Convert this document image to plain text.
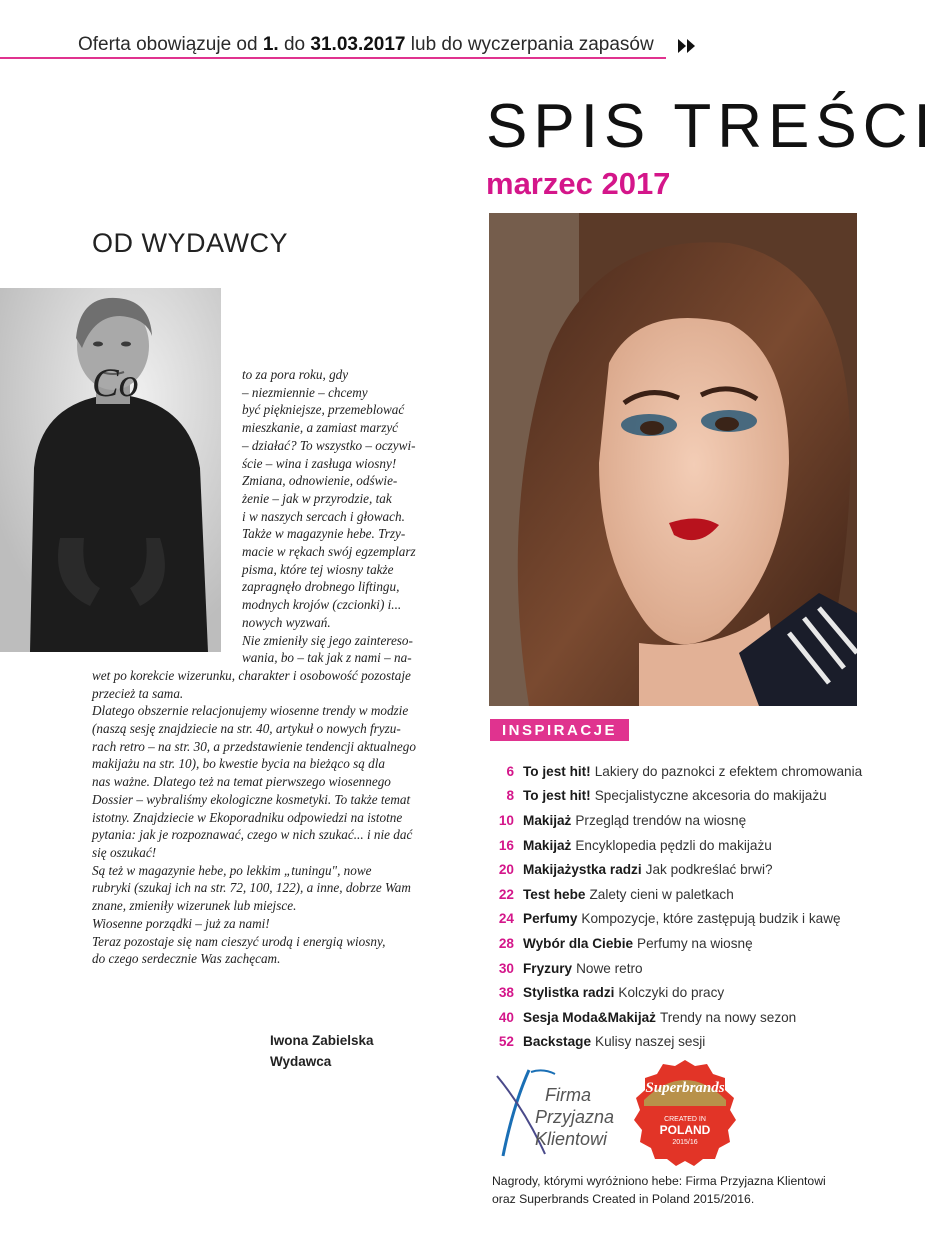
Oferta obowiązuje od 1. do 31.03.2017 lub do wyczerpania zapasów
SPIS TREŚCI
marzec 2017
OD WYDAWCY
Co	to za pora roku, gdy

– niezmiennie – chcemy

być piękniejsze, przemeblować

mieszkanie, a zamiast marzyć

– działać? To wszystko – oczywi-

ście – wina i zasługa wiosny!

Zmiana, odnowienie, odświe-

żenie – jak w przyrodzie, tak

i w naszych sercach i głowach.

Także w magazynie hebe. Trzy-

macie w rękach swój egzemplarz

pisma, które tej wiosny także

zapragnęło drobnego liftingu,

modnych krojów (czcionki) i...

nowych wyzwań.

Nie zmieniły się jego zaintereso-

wania, bo – tak jak z nami – na-

wet po korekcie wizerunku, charakter i osobowość pozostaje

przecież ta sama.

Dlatego obszernie relacjonujemy wiosenne trendy w modzie

(naszą sesję znajdziecie na str. 40, artykuł o nowych fryzu-

rach retro – na str. 30, a przedstawienie tendencji aktualnego

makijażu na str. 10), bo kwestie bycia na bieżąco są dla

nas ważne. Dlatego też na temat pierwszego wiosennego

Dossier – wybraliśmy ekologiczne kosmetyki. To także temat

istotny. Znajdziecie w Ekoporadniku odpowiedzi na istotne

pytania: jak je rozpoznawać, czego w nich szukać... i nie dać

się oszukać!

Są też w magazynie hebe, po lekkim „tuningu", nowe

rubryki (szukaj ich na str. 72, 100, 122), a inne, dobrze Wam

znane, zmieniły wizerunek lub miejsce.

Wiosenne porządki – już za nami!

Teraz pozostaje się nam cieszyć urodą i energią wiosny,

do czego serdecznie Was zachęcam.

Iwona Zabielska
Wydawca
INSPIRACJE
6 To jest hit! Lakiery do paznokci z efektem chromowania
8 To jest hit! Specjalistyczne akcesoria do makijażu
10 Makijaż Przegląd trendów na wiosnę
16 Makijaż Encyklopedia pędzli do makijażu
20 Makijażystka radzi Jak podkreślać brwi?
22 Test hebe Zalety cieni w paletkach
24 Perfumy Kompozycje, które zastępują budzik i kawę
28 Wybór dla Ciebie Perfumy na wiosnę
30 Fryzury Nowe retro
38 Stylistka radzi Kolczyki do pracy
40 Sesja Moda&Makijaż Trendy na nowy sezon
52 Backstage Kulisy naszej sesji
Firma
Przyjazna
Klientowi
Superbrands
CREATED IN
POLAND
2015/16
Nagrody, którymi wyróżniono hebe: Firma Przyjazna Klientowi
oraz Superbrands Created in Poland 2015/2016.
